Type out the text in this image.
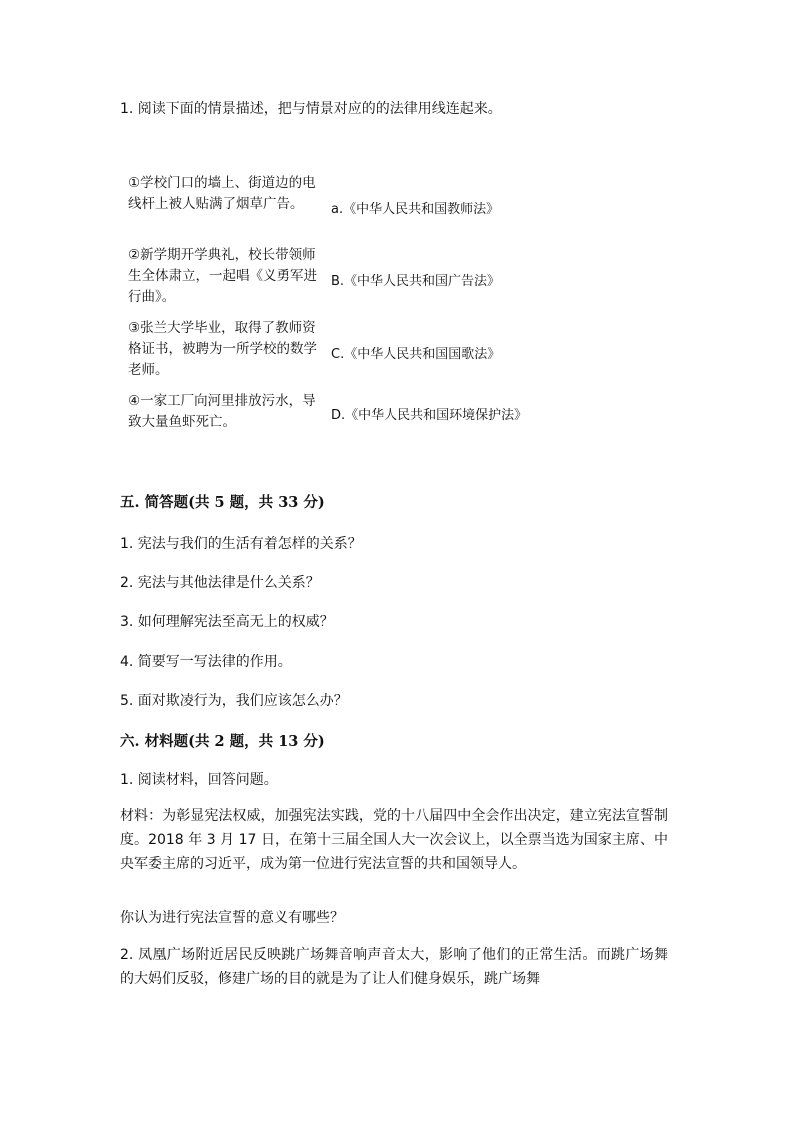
1. 阅读下面的情景描述，把与情景对应的的法律用线连起来。
①学校门口的墙上、街道边的电线杆上被人贴满了烟草广告。	a.《中华人民共和国教师法》
②新学期开学典礼，校长带领师生全体肃立，一起唱《义勇军进行曲》。
B.《中华人民共和国广告法》
③张兰大学毕业，取得了教师资格证书，被聘为一所学校的数学老师。
C.《中华人民共和国国歌法》
④一家工厂向河里排放污水，导致大量鱼虾死亡。	D.《中华人民共和国环境保护法》
五. 简答题(共 5 题，共 33 分)
1. 宪法与我们的生活有着怎样的关系？
2. 宪法与其他法律是什么关系？
3. 如何理解宪法至高无上的权威？
4. 简要写一写法律的作用。
5. 面对欺凌行为，我们应该怎么办？
六. 材料题(共 2 题，共 13 分)
1. 阅读材料，回答问题。
材料：为彰显宪法权威，加强宪法实践，党的十八届四中全会作出决定，建立宪法宣誓制度。2018 年 3 月 17 日，在第十三届全国人大一次会议上，以全票当选为国家主席、中央军委主席的习近平，成为第一位进行宪法宣誓的共和国领导人。
你认为进行宪法宣誓的意义有哪些？
2. 凤凰广场附近居民反映跳广场舞音响声音太大，影响了他们的正常生活。而跳广场舞的大妈们反驳，修建广场的目的就是为了让人们健身娱乐，跳广场舞
